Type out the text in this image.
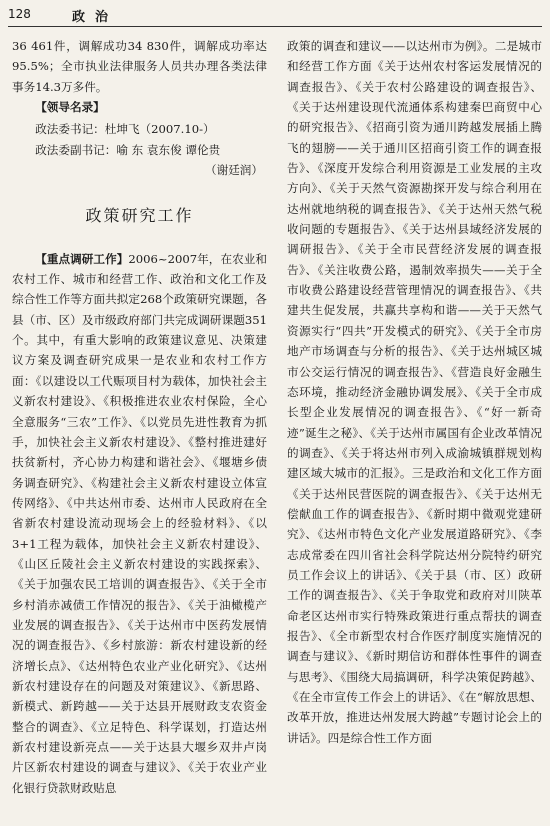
128	政治

36 461件，调解成功34 830件，调解成功率达95.5%；全市执业法律服务人员共办理各类法律事务14.3万多件。

【领导名录】

政法委书记：杜坤飞（2007.10-）
政法委副书记：喻 东 袁东俊 谭伦贵
（谢廷润）
政策研究工作

【重点调研工作】2006~2007年，在农业和农村工作、城市和经营工作、政治和文化工作及综合性工作等方面共拟定268个政策研究课题，各县（市、区）及市级政府部门共完成调研课题351个。其中，有重大影响的政策建议意见、决策建议方案及调查研究成果一是农业和农村工作方面：《以建设以工代赈项目村为载体，加快社会主义新农村建设》、《积极推进农业农村保险，全心全意服务“三农”工作》、《以党员先进性教育为抓手，加快社会主义新农村建设》、《整村推进建好扶贫新村，齐心协力构建和谐社会》、《堰塘乡债务调查研究》、《构建社会主义新农村建设立体宣传网络》、《中共达州市委、达州市人民政府在全省新农村建设流动现场会上的经验材料》、《以3+1工程为载体，加快社会主义新农村建设》、《山区丘陵社会主义新农村建设的实践探索》、《关于加强农民工培训的调查报告》、《关于全市乡村消赤减债工作情况的报告》、《关于油橄榄产业发展的调查报告》、《关于达州市中医药发展情况的调查报告》、《乡村旅游：新农村建设新的经济增长点》、《达州特色农业产业化研究》、《达州新农村建设存在的问题及对策建议》、《新思路、新模式、新跨越——关于达县开展财政支农资金整合的调查》、《立足特色、科学谋划，打造达州新农村建设新亮点——关于达县大堰乡双井卢岗片区新农村建设的调查与建议》、《关于农业产业化银行贷款财政贴息

政策的调查和建议——以达州市为例》。二是城市和经营工作方面《关于达州农村客运发展情况的调查报告》、《关于农村公路建设的调查报告》、《关于达州建设现代流通体系构建秦巴商贸中心的研究报告》、《招商引资为通川跨越发展插上腾飞的翅膀——关于通川区招商引资工作的调查报告》、《深度开发综合利用资源是工业发展的主攻方向》、《关于天然气资源勘探开发与综合利用在达州就地纳税的调查报告》、《关于达州天然气税收问题的专题报告》、《关于达州县域经济发展的调研报告》、《关于全市民营经济发展的调查报告》、《关注收费公路，遏制效率损失——关于全市收费公路建设经营管理情况的调查报告》、《共建共生促发展，共赢共享构和谐——关于天然气资源实行“四共”开发模式的研究》、《关于全市房地产市场调查与分析的报告》、《关于达州城区城市公交运行情况的调查报告》、《营造良好金融生态环境，推动经济金融协调发展》、《关于全市成长型企业发展情况的调查报告》、《“好一新奇迹”诞生之秘》、《关于达州市属国有企业改革情况的调查》、《关于将达州市列入成渝城镇群规划构建区域大城市的汇报》。三是政治和文化工作方面《关于达州民营医院的调查报告》、《关于达州无偿献血工作的调查报告》、《新时期中微观党建研究》、《达州市特色文化产业发展道路研究》、《李志成常委在四川省社会科学院达州分院特约研究员工作会议上的讲话》、《关于县（市、区）政研工作的调查报告》、《关于争取党和政府对川陕革命老区达州市实行特殊政策进行重点帮扶的调查报告》、《全市新型农村合作医疗制度实施情况的调查与建议》、《新时期信访和群体性事件的调查与思考》、《围绕大局搞调研，科学决策促跨越》、《在全市宣传工作会上的讲话》、《在“解放思想、改革开放，推进达州发展大跨越”专题讨论会上的讲话》。四是综合性工作方面
